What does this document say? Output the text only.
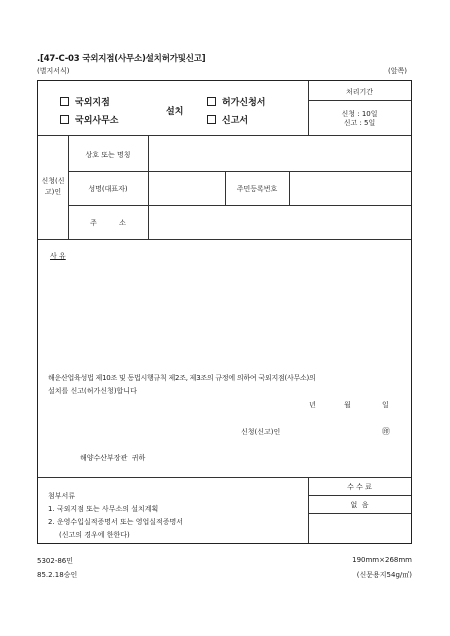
.[47-C-03 국외지점(사무소)설치허가및신고]
(별지서식)	(앞쪽)
국외지점
국외사무소
설치
허가신청서
신고서
처리기간
신청 : 10일
신고 : 5일
신청(신
고)인
상호 또는 명칭
성명(대표자)	주민등록번호
주          소
사 유
해운산업육성법 제10조 및 동법시행규칙 제2조, 제3조의 규정에 의하여 국외지점(사무소)의
설치를 신고(허가신청)합니다
년	월	일
신청(신고)인	㊞
해양수산부장관  귀하
첨부서류
1. 국외지점 또는 사무소의 설치계획
2. 운영수입실적증명서 또는 영업실적증명서
(신고의 경우에 한한다)
수 수 료
없  음
5302-86민
85.2.18승인
190mm×268mm
(신문용지54g/㎡)
